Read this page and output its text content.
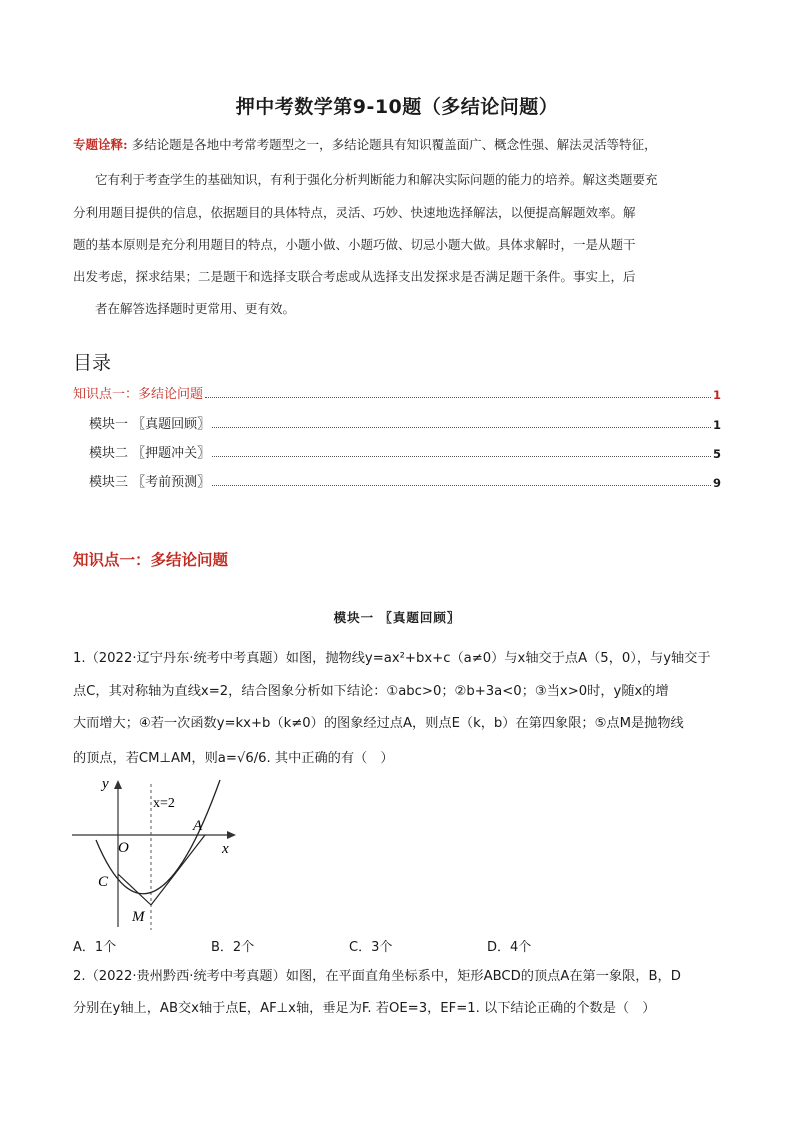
押中考数学第9-10题（多结论问题）
专题诠释: 多结论题是各地中考常考题型之一，多结论题具有知识覆盖面广、概念性强、解法灵活等特征，
它有利于考查学生的基础知识，有利于强化分析判断能力和解决实际问题的能力的培养。解这类题要充
分利用题目提供的信息，依据题目的具体特点，灵活、巧妙、快速地选择解法，以便提高解题效率。解
题的基本原则是充分利用题目的特点，小题小做、小题巧做、切忌小题大做。具体求解时，一是从题干
出发考虑，探求结果；二是题干和选择支联合考虑或从选择支出发探求是否满足题干条件。事实上，后
者在解答选择题时更常用、更有效。
目录
知识点一：多结论问题	1
模块一 〖真题回顾〗	1
模块二 〖押题冲关〗	5
模块三 〖考前预测〗	9
知识点一：多结论问题
模块一 〖真题回顾〗
1.（2022·辽宁丹东·统考中考真题）如图，抛物线y=ax²+bx+c（a≠0）与x轴交于点A（5，0），与y轴交于
点C，其对称轴为直线x=2，结合图象分析如下结论：①abc>0；②b+3a<0；③当x>0时，y随x的增
大而增大；④若一次函数y=kx+b（k≠0）的图象经过点A，则点E（k，b）在第四象限；⑤点M是抛物线
的顶点，若CM⊥AM，则a=√6/6. 其中正确的有（　）
y
x
O
x=2
A
C
M
A．1个	B．2个	C．3个	D．4个
2.（2022·贵州黔西·统考中考真题）如图，在平面直角坐标系中，矩形ABCD的顶点A在第一象限，B，D
分别在y轴上，AB交x轴于点E，AF⊥x轴，垂足为F. 若OE=3，EF=1. 以下结论正确的个数是（　）
